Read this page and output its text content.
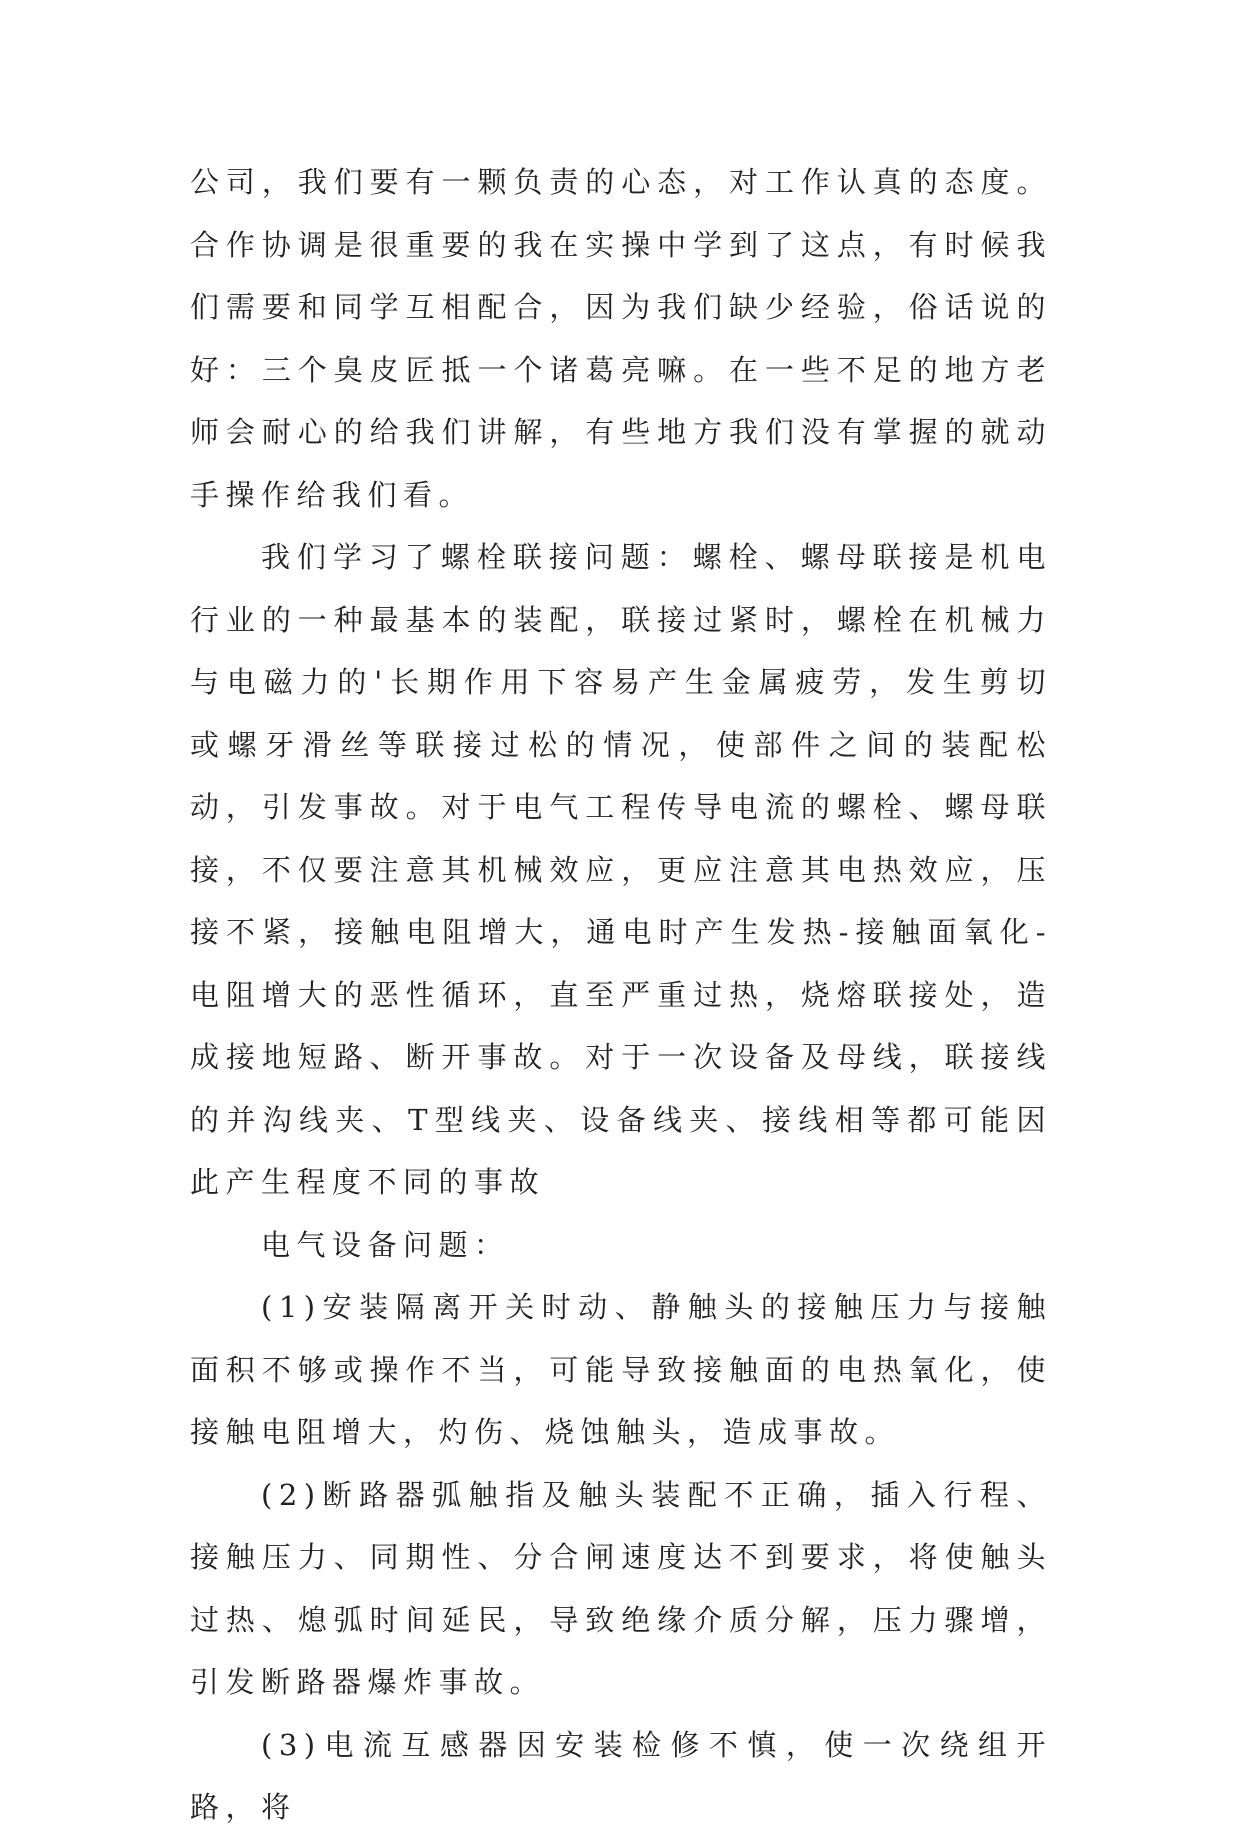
公司，我们要有一颗负责的心态，对工作认真的态度。合作协调是很重要的我在实操中学到了这点，有时候我们需要和同学互相配合，因为我们缺少经验，俗话说的好：三个臭皮匠抵一个诸葛亮嘛。在一些不足的地方老师会耐心的给我们讲解，有些地方我们没有掌握的就动手操作给我们看。

我们学习了螺栓联接问题：螺栓、螺母联接是机电行业的一种最基本的装配，联接过紧时，螺栓在机械力与电磁力的'长期作用下容易产生金属疲劳，发生剪切或螺牙滑丝等联接过松的情况，使部件之间的装配松动，引发事故。对于电气工程传导电流的螺栓、螺母联接，不仅要注意其机械效应，更应注意其电热效应，压接不紧，接触电阻增大，通电时产生发热-接触面氧化-电阻增大的恶性循环，直至严重过热，烧熔联接处，造成接地短路、断开事故。对于一次设备及母线，联接线的并沟线夹、T型线夹、设备线夹、接线相等都可能因此产生程度不同的事故

电气设备问题：

(1)安装隔离开关时动、静触头的接触压力与接触面积不够或操作不当，可能导致接触面的电热氧化，使接触电阻增大，灼伤、烧蚀触头，造成事故。

(2)断路器弧触指及触头装配不正确，插入行程、接触压力、同期性、分合闸速度达不到要求，将使触头过热、熄弧时间延民，导致绝缘介质分解，压力骤增，引发断路器爆炸事故。

(3)电流互感器因安装检修不慎，使一次绕组开路，将
